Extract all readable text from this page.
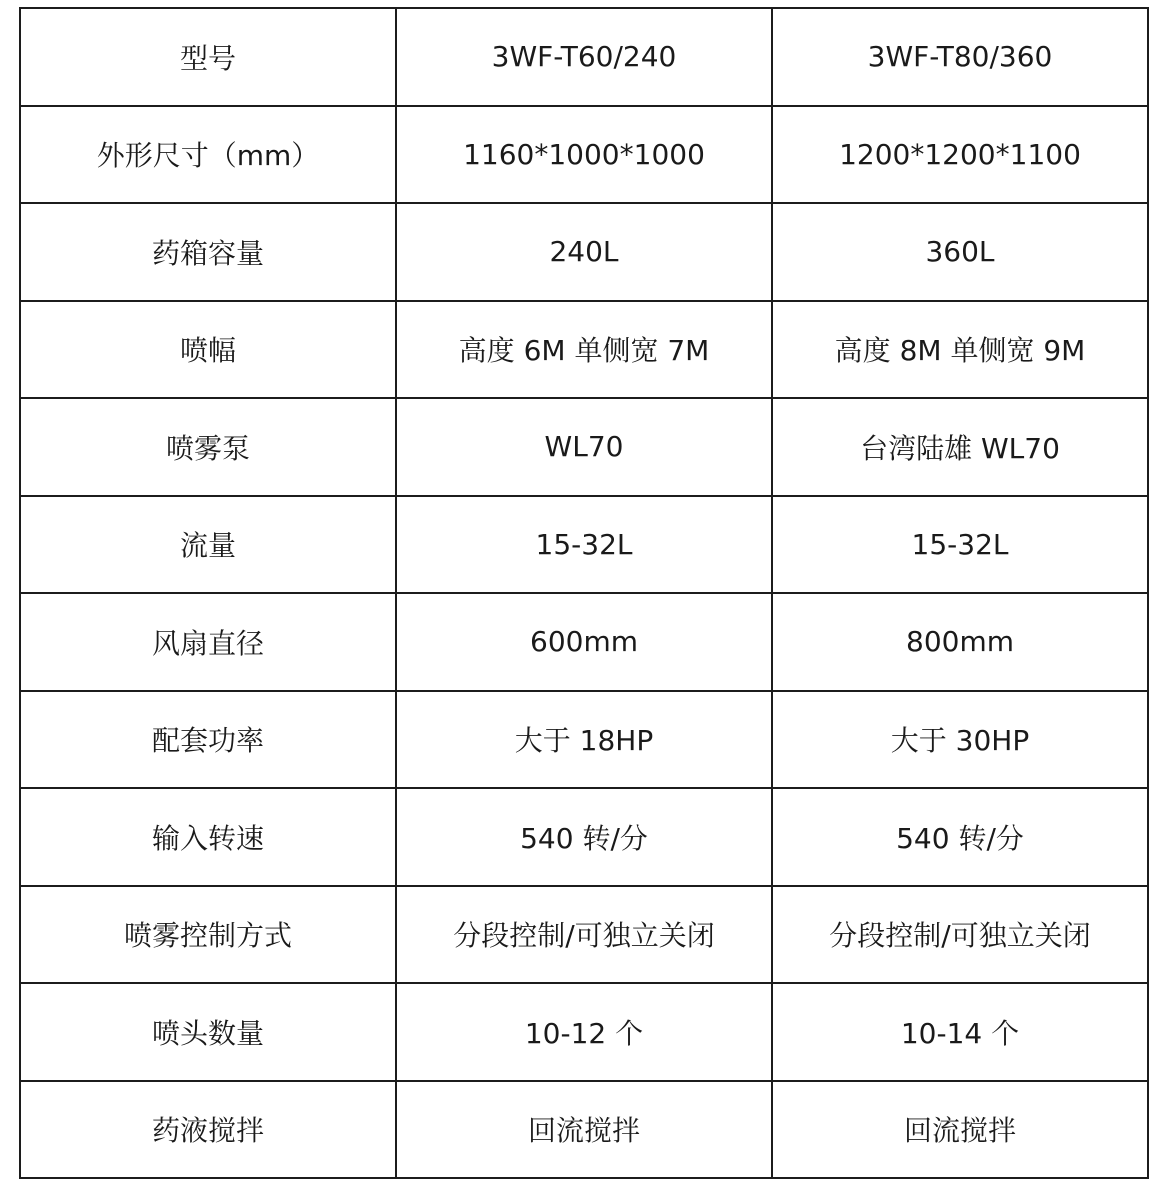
型号	3WF-T60/240	3WF-T80/360
外形尺寸（mm）	1160*1000*1000	1200*1200*1100
药箱容量	240L	360L
喷幅	高度 6M 单侧宽 7M	高度 8M 单侧宽 9M
喷雾泵	WL70	台湾陆雄 WL70
流量	15-32L	15-32L
风扇直径	600mm	800mm
配套功率	大于 18HP	大于 30HP
输入转速	540 转/分	540 转/分
喷雾控制方式	分段控制/可独立关闭	分段控制/可独立关闭
喷头数量	10-12 个	10-14 个
药液搅拌	回流搅拌	回流搅拌
